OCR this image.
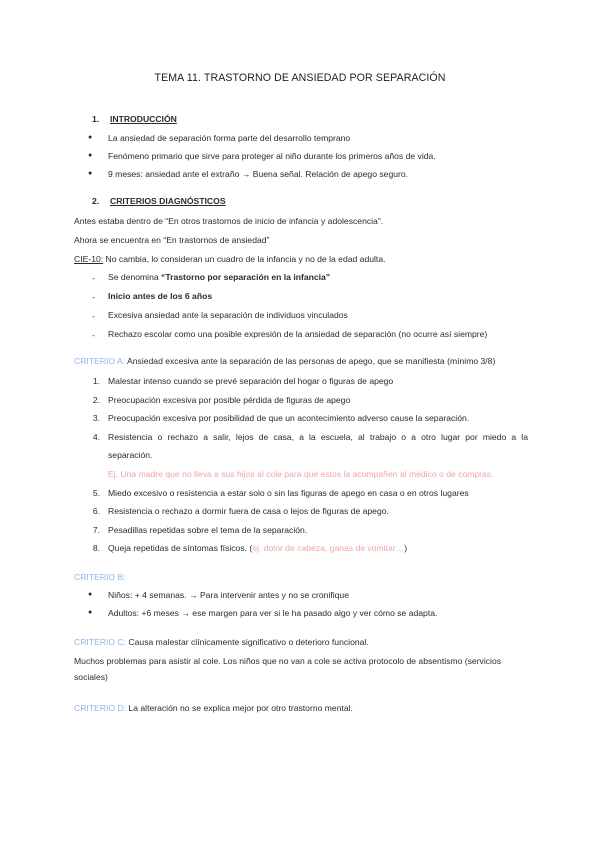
TEMA 11. TRASTORNO DE ANSIEDAD POR SEPARACIÓN
1. INTRODUCCIÓN
● La ansiedad de separación forma parte del desarrollo temprano
● Fenómeno primario que sirve para proteger al niño durante los primeros años de vida.
● 9 meses: ansiedad ante el extraño → Buena señal. Relación de apego seguro.
2. CRITERIOS DIAGNÓSTICOS
Antes estaba dentro de “En otros trastornos de inicio de infancia y adolescencia”.
Ahora se encuentra en “En trastornos de ansiedad”
CIE-10: No cambia, lo consideran un cuadro de la infancia y no de la edad adulta.
- Se denomina “Trastorno por separación en la infancia”
- Inicio antes de los 6 años
- Excesiva ansiedad ante la separación de individuos vinculados
- Rechazo escolar como una posible expresión de la ansiedad de separación (no ocurre así siempre)
CRITERIO A: Ansiedad excesiva ante la separación de las personas de apego, que se manifiesta (mínimo 3/8)
1. Malestar intenso cuando se prevé separación del hogar o figuras de apego
2. Preocupación excesiva por posible pérdida de figuras de apego
3. Preocupación excesiva por posibilidad de que un acontecimiento adverso cause la separación.
4. Resistencia o rechazo a salir, lejos de casa, a la escuela, al trabajo o a otro lugar por miedo a la
separación.
Ej. Una madre que no lleva a sus hijos al cole para que estos la acompañen al médico o de compras.
5. Miedo excesivo o resistencia a estar solo o sin las figuras de apego en casa o en otros lugares
6. Resistencia o rechazo a dormir fuera de casa o lejos de figuras de apego.
7. Pesadillas repetidas sobre el tema de la separación.
8. Queja repetidas de síntomas físicos. (ej. dolor de cabeza, ganas de vomitar…)
CRITERIO B:
● Niños: + 4 semanas. → Para intervenir antes y no se cronifique
● Adultos: +6 meses → ese margen para ver si le ha pasado algo y ver cómo se adapta.
CRITERIO C: Causa malestar clínicamente significativo o deterioro funcional.
Muchos problemas para asistir al cole. Los niños que no van a cole se activa protocolo de absentismo (servicios sociales)
CRITERIO D: La alteración no se explica mejor por otro trastorno mental.
